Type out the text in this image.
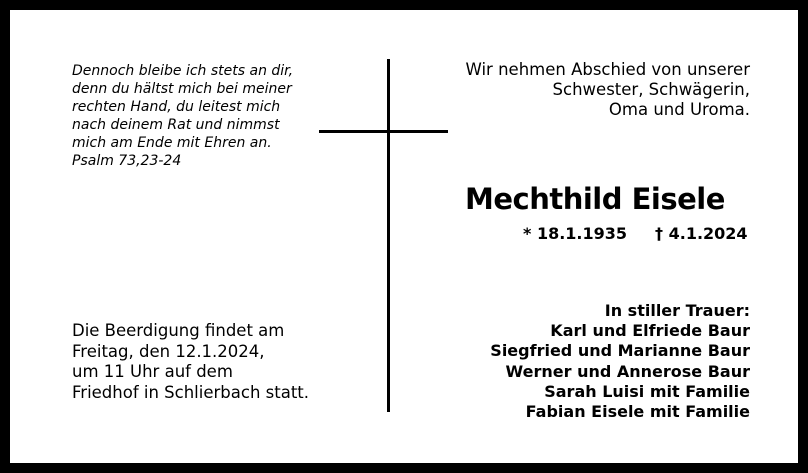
Dennoch bleibe ich stets an dir,
denn du hältst mich bei meiner
rechten Hand, du leitest mich
nach deinem Rat und nimmst
mich am Ende mit Ehren an.
Psalm 73,23-24
Wir nehmen Abschied von unserer
Schwester, Schwägerin,
Oma und Uroma.
Mechthild Eisele
* 18.1.1935 † 4.1.2024
Die Beerdigung findet am
Freitag, den 12.1.2024,
um 11 Uhr auf dem
Friedhof in Schlierbach statt.
In stiller Trauer:
Karl und Elfriede Baur
Siegfried und Marianne Baur
Werner und Annerose Baur
Sarah Luisi mit Familie
Fabian Eisele mit Familie
